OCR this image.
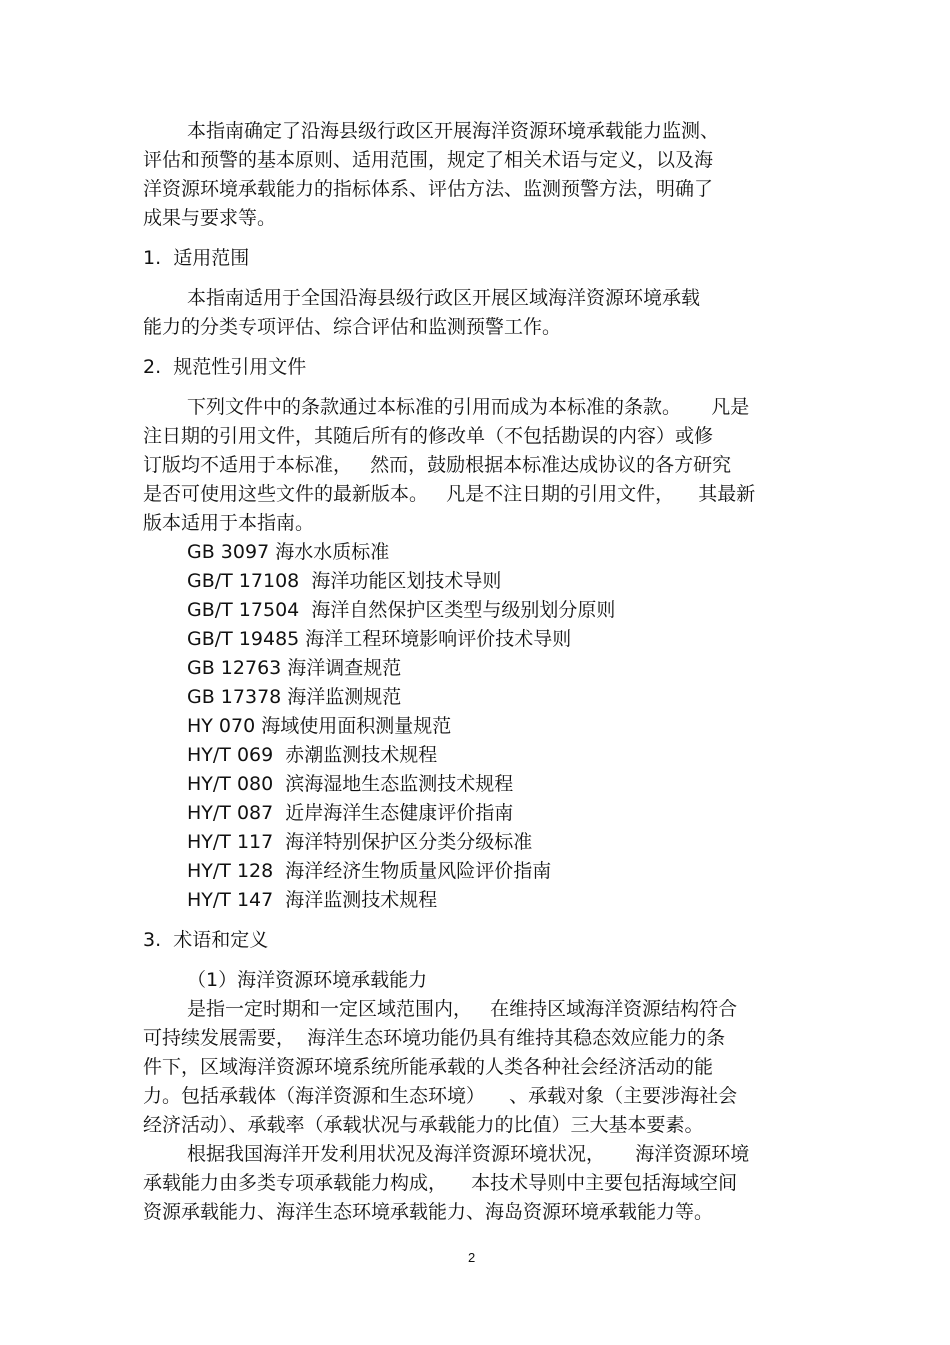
本指南确定了沿海县级行政区开展海洋资源环境承载能力监测、
评估和预警的基本原则、适用范围，规定了相关术语与定义，以及海
洋资源环境承载能力的指标体系、评估方法、监测预警方法，明确了
成果与要求等。
1.  适用范围
本指南适用于全国沿海县级行政区开展区域海洋资源环境承载
能力的分类专项评估、综合评估和监测预警工作。
2.  规范性引用文件
下列文件中的条款通过本标准的引用而成为本标准的条款。     凡是
注日期的引用文件，其随后所有的修改单（不包括勘误的内容）或修
订版均不适用于本标准，   然而，鼓励根据本标准达成协议的各方研究
是否可使用这些文件的最新版本。   凡是不注日期的引用文件，    其最新
版本适用于本指南。
GB 3097 海水水质标准
GB/T 17108  海洋功能区划技术导则
GB/T 17504  海洋自然保护区类型与级别划分原则
GB/T 19485 海洋工程环境影响评价技术导则
GB 12763 海洋调查规范
GB 17378 海洋监测规范
HY 070 海域使用面积测量规范
HY/T 069  赤潮监测技术规程
HY/T 080  滨海湿地生态监测技术规程
HY/T 087  近岸海洋生态健康评价指南
HY/T 117  海洋特别保护区分类分级标准
HY/T 128  海洋经济生物质量风险评价指南
HY/T 147  海洋监测技术规程
3.  术语和定义
（1）海洋资源环境承载能力
是指一定时期和一定区域范围内，   在维持区域海洋资源结构符合
可持续发展需要，  海洋生态环境功能仍具有维持其稳态效应能力的条
件下，区域海洋资源环境系统所能承载的人类各种社会经济活动的能
力。包括承载体（海洋资源和生态环境）    、承载对象（主要涉海社会
经济活动）、承载率（承载状况与承载能力的比值）三大基本要素。
根据我国海洋开发利用状况及海洋资源环境状况，     海洋资源环境
承载能力由多类专项承载能力构成，    本技术导则中主要包括海域空间
资源承载能力、海洋生态环境承载能力、海岛资源环境承载能力等。
2
